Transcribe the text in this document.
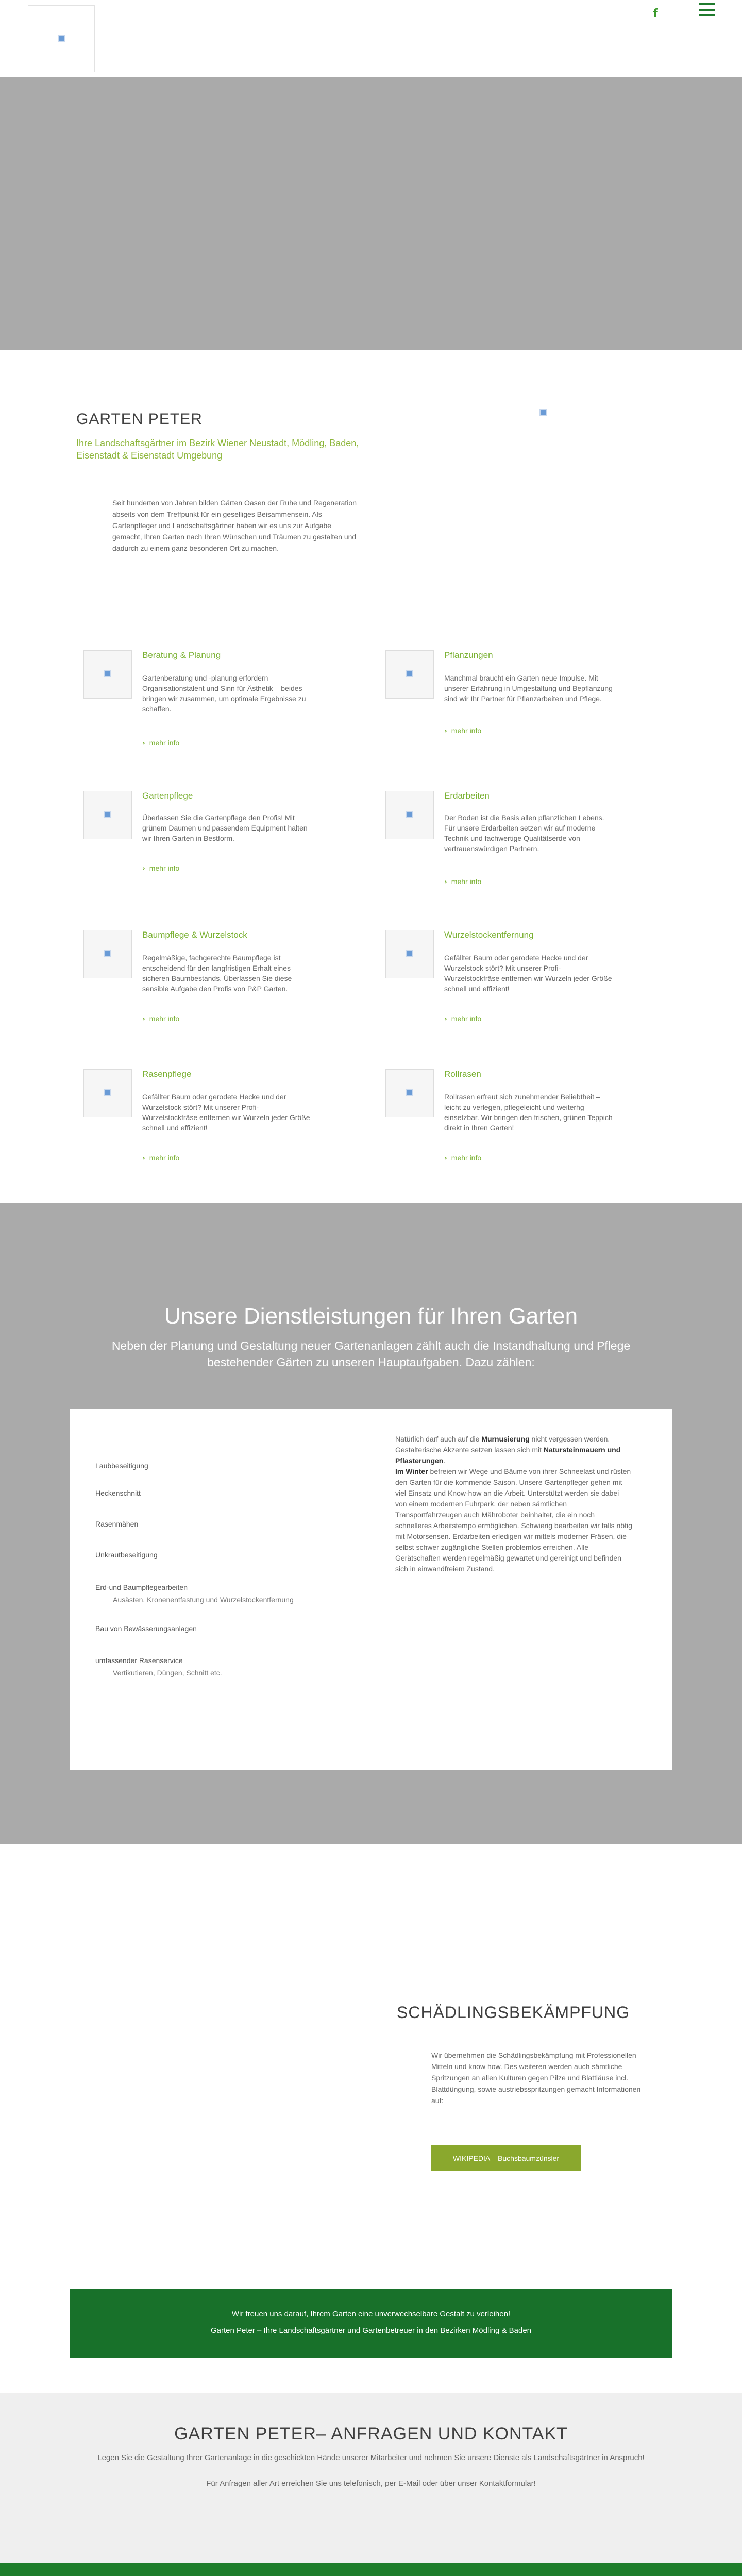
f
GARTEN PETER
Ihre Landschaftsgärtner im Bezirk Wiener Neustadt, Mödling, Baden, Eisenstadt & Eisenstadt Umgebung
Seit hunderten von Jahren bilden Gärten Oasen der Ruhe und Regeneration abseits von dem Treffpunkt für ein geselliges Beisammensein. Als Gartenpfleger und Landschaftsgärtner haben wir es uns zur Aufgabe gemacht, Ihren Garten nach Ihren Wünschen und Träumen zu gestalten und dadurch zu einem ganz besonderen Ort zu machen.
Beratung & Planung

Gartenberatung und -planung erfordern Organisationstalent und Sinn für Ästhetik – beides bringen wir zusammen, um optimale Ergebnisse zu schaffen.

› mehr info
Pflanzungen

Manchmal braucht ein Garten neue Impulse. Mit unserer Erfahrung in Umgestaltung und Bepflanzung sind wir Ihr Partner für Pflanzarbeiten und Pflege.

› mehr info
Gartenpflege

Überlassen Sie die Gartenpflege den Profis! Mit grünem Daumen und passendem Equipment halten wir Ihren Garten in Bestform.

› mehr info
Erdarbeiten

Der Boden ist die Basis allen pflanzlichen Lebens. Für unsere Erdarbeiten setzen wir auf moderne Technik und fachwertige Qualitätserde von vertrauenswürdigen Partnern.

› mehr info
Baumpflege & Wurzelstock

Regelmäßige, fachgerechte Baumpflege ist entscheidend für den langfristigen Erhalt eines sicheren Baumbestands. Überlassen Sie diese sensible Aufgabe den Profis von P&P Garten.

› mehr info
Wurzelstockentfernung

Gefällter Baum oder gerodete Hecke und der Wurzelstock stört? Mit unserer Profi-Wurzelstockfräse entfernen wir Wurzeln jeder Größe schnell und effizient!

› mehr info
Rasenpflege

Gefällter Baum oder gerodete Hecke und der Wurzelstock stört? Mit unserer Profi-Wurzelstockfräse entfernen wir Wurzeln jeder Größe schnell und effizient!

› mehr info
Rollrasen

Rollrasen erfreut sich zunehmender Beliebtheit – leicht zu verlegen, pflegeleicht und weiterhg einsetzbar. Wir bringen den frischen, grünen Teppich direkt in Ihren Garten!

› mehr info
Unsere Dienstleistungen für Ihren Garten
Neben der Planung und Gestaltung neuer Gartenanlagen zählt auch die Instandhaltung und Pflege bestehender Gärten zu unseren Hauptaufgaben. Dazu zählen:
Laubbeseitigung
Heckenschnitt
Rasenmähen
Unkrautbeseitigung
Erd-und Baumpflegearbeiten
Ausästen, Kronenentfastung und Wurzelstockentfernung
Bau von Bewässerungsanlagen
umfassender Rasenservice
Vertikutieren, Düngen, Schnitt etc.
Natürlich darf auch auf die Murnusierung nicht vergessen werden. Gestalterische Akzente setzen lassen sich mit Natursteinmauern und Pflasterungen.
Im Winter befreien wir Wege und Bäume von ihrer Schneelast und rüsten den Garten für die kommende Saison. Unsere Gartenpfleger gehen mit viel Einsatz und Know-how an die Arbeit. Unterstützt werden sie dabei von einem modernen Fuhrpark, der neben sämtlichen Transportfahrzeugen auch Mähroboter beinhaltet, die ein noch schnelleres Arbeitstempo ermöglichen. Schwierig bearbeiten wir falls nötig mit Motorsensen. Erdarbeiten erledigen wir mittels moderner Fräsen, die selbst schwer zugängliche Stellen problemlos erreichen. Alle Gerätschaften werden regelmäßig gewartet und gereinigt und befinden sich in einwandfreiem Zustand.
SCHÄDLINGSBEKÄMPFUNG
Wir übernehmen die Schädlingsbekämpfung mit Professionellen Mitteln und know how. Des weiteren werden auch sämtliche Spritzungen an allen Kulturen gegen Pilze und Blattläuse incl. Blattdüngung, sowie austriebsspritzungen gemacht Informationen auf:
WIKIPEDIA – Buchsbaumzünsler

Wir freuen uns darauf, Ihrem Garten eine unverwechselbare Gestalt zu verleihen!

Garten Peter – Ihre Landschaftsgärtner und Gartenbetreuer in den Bezirken Mödling & Baden

GARTEN PETER– ANFRAGEN UND KONTAKT

Legen Sie die Gestaltung Ihrer Gartenanlage in die geschickten Hände unserer Mitarbeiter und nehmen Sie unsere Dienste als Landschaftsgärtner in Anspruch!

Für Anfragen aller Art erreichen Sie uns telefonisch, per E-Mail oder über unser Kontaktformular!
